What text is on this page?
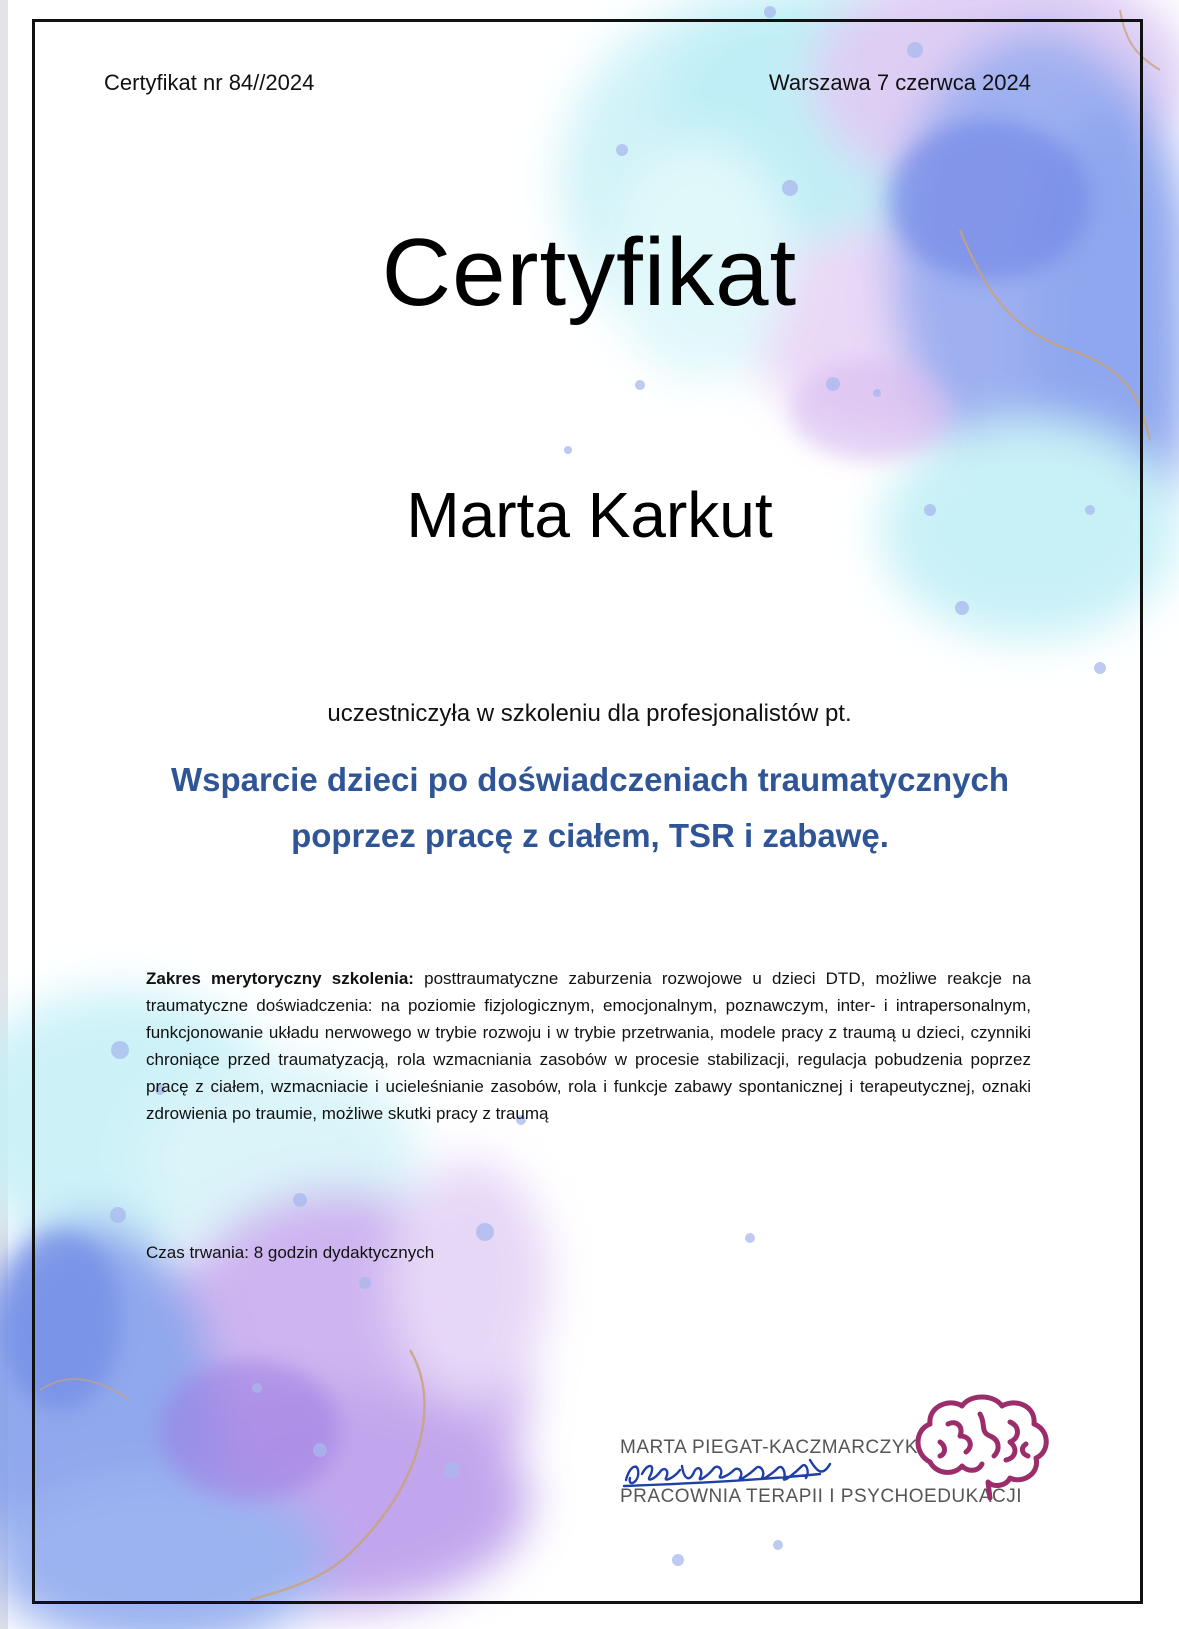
Certyfikat nr 84//2024	Warszawa 7 czerwca 2024
Certyfikat
Marta Karkut
uczestniczyła w szkoleniu dla profesjonalistów pt.
Wsparcie dzieci po doświadczeniach traumatycznych
poprzez pracę z ciałem, TSR i zabawę.
Zakres merytoryczny szkolenia: posttraumatyczne zaburzenia rozwojowe u dzieci DTD, możliwe reakcje na traumatyczne doświadczenia: na poziomie fizjologicznym, emocjonalnym, poznawczym, inter- i intrapersonalnym, funkcjonowanie układu nerwowego w trybie rozwoju i w trybie przetrwania, modele pracy z traumą u dzieci, czynniki chroniące przed traumatyzacją, rola wzmacniania zasobów w procesie stabilizacji, regulacja pobudzenia poprzez pracę z ciałem, wzmacniacie i ucieleśnianie zasobów, rola i funkcje zabawy spontanicznej i terapeutycznej, oznaki zdrowienia po traumie, możliwe skutki pracy z traumą
Czas trwania: 8 godzin dydaktycznych
MARTA PIEGAT-KACZMARCZYK
PRACOWNIA TERAPII I PSYCHOEDUKACJI
